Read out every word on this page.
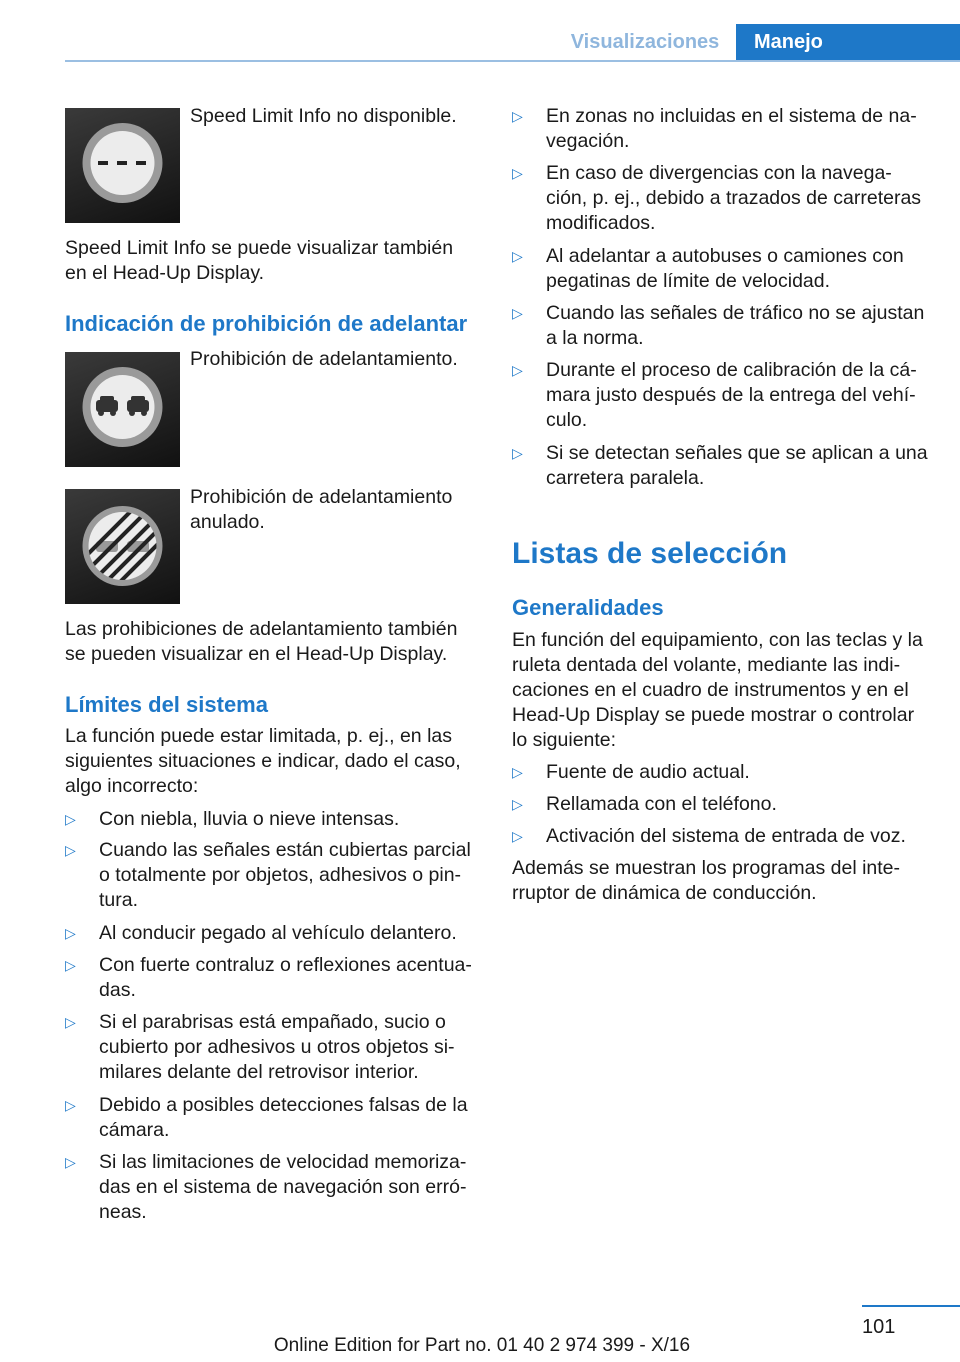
Visualizaciones	Manejo

Speed Limit Info no disponible.

Speed Limit Info se puede visualizar también en el Head-Up Display.

Indicación de prohibición de adelantar

Prohibición de adelantamiento.

Prohibición de adelantamiento anulado.

Las prohibiciones de adelantamiento también se pueden visualizar en el Head-Up Display.

Límites del sistema

La función puede estar limitada, p. ej., en las siguientes situaciones e indicar, dado el caso, algo incorrecto:

▷	Con niebla, lluvia o nieve intensas.
▷	Cuando las señales están cubiertas parcial o totalmente por objetos, adhesivos o pin-tura.
▷	Al conducir pegado al vehículo delantero.
▷	Con fuerte contraluz o reflexiones acentua-das.
▷	Si el parabrisas está empañado, sucio o cubierto por adhesivos u otros objetos si-milares delante del retrovisor interior.
▷	Debido a posibles detecciones falsas de la cámara.
▷	Si las limitaciones de velocidad memoriza-das en el sistema de navegación son erró-neas.
▷	En zonas no incluidas en el sistema de na-vegación.
▷	En caso de divergencias con la navega-ción, p. ej., debido a trazados de carreteras modificados.
▷	Al adelantar a autobuses o camiones con pegatinas de límite de velocidad.
▷	Cuando las señales de tráfico no se ajustan a la norma.
▷	Durante el proceso de calibración de la cá-mara justo después de la entrega del vehí-culo.
▷	Si se detectan señales que se aplican a una carretera paralela.
Listas de selección
Generalidades

En función del equipamiento, con las teclas y la ruleta dentada del volante, mediante las indi-caciones en el cuadro de instrumentos y en el Head-Up Display se puede mostrar o controlar lo siguiente:

▷	Fuente de audio actual.
▷	Rellamada con el teléfono.
▷	Activación del sistema de entrada de voz.

Además se muestran los programas del inte-rruptor de dinámica de conducción.

101
Online Edition for Part no. 01 40 2 974 399 - X/16
